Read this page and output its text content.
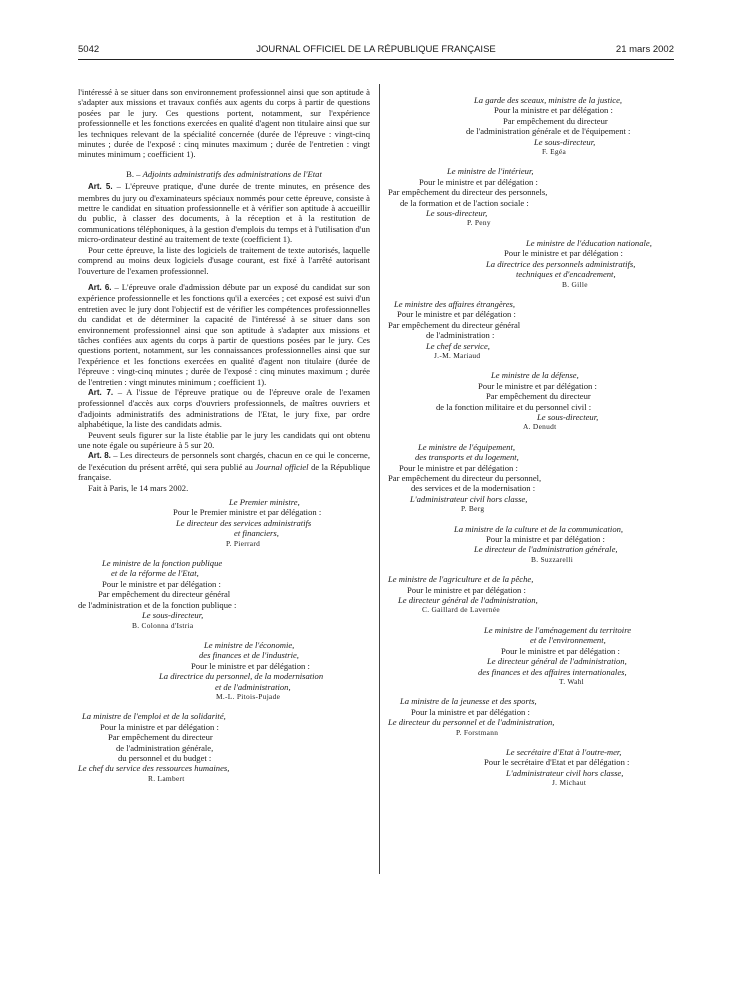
5042	JOURNAL OFFICIEL DE LA RÉPUBLIQUE FRANÇAISE	21 mars 2002

l'intéressé à se situer dans son environnement professionnel ainsi que son aptitude à s'adapter aux missions et travaux confiés aux agents du corps à partir de questions posées par le jury. Ces questions portent, notamment, sur l'expérience professionnelle et les fonctions exercées en qualité d'agent non titulaire ainsi que sur les techniques relevant de la spécialité concernée (durée de l'épreuve : vingt-cinq minutes ; durée de l'exposé : cinq minutes maximum ; durée de l'entretien : vingt minutes minimum ; coefficient 1).

B. – Adjoints administratifs des administrations de l'Etat

Art. 5. – L'épreuve pratique, d'une durée de trente minutes, en présence des membres du jury ou d'examinateurs spéciaux nommés pour cette épreuve, consiste à mettre le candidat en situation professionnelle et à vérifier son aptitude à accueillir du public, à classer des documents, à la réception et à la restitution de communications téléphoniques, à la gestion d'emplois du temps et à l'utilisation d'un micro-ordinateur destiné au traitement de texte (coefficient 1).

Pour cette épreuve, la liste des logiciels de traitement de texte autorisés, laquelle comprend au moins deux logiciels d'usage courant, est fixé à l'arrêté autorisant l'ouverture de l'examen professionnel.

Art. 6. – L'épreuve orale d'admission débute par un exposé du candidat sur son expérience professionnelle et les fonctions qu'il a exercées ; cet exposé est suivi d'un entretien avec le jury dont l'objectif est de vérifier les compétences professionnelles du candidat et de déterminer la capacité de l'intéressé à se situer dans son environnement professionnel ainsi que son aptitude à s'adapter aux missions et tâches confiées aux agents du corps à partir de questions posées par le jury. Ces questions portent, notamment, sur les connaissances professionnelles ainsi que sur l'expérience et les fonctions exercées en qualité d'agent non titulaire (durée de l'épreuve : vingt-cinq minutes ; durée de l'exposé : cinq minutes maximum ; durée de l'entretien : vingt minutes minimum ; coefficient 1).

Art. 7. – A l'issue de l'épreuve pratique ou de l'épreuve orale de l'examen professionnel d'accès aux corps d'ouvriers professionnels, de maîtres ouvriers et d'adjoints administratifs des administrations de l'Etat, le jury fixe, par ordre alphabétique, la liste des candidats admis.

Peuvent seuls figurer sur la liste établie par le jury les candidats qui ont obtenu une note égale ou supérieure à 5 sur 20.

Art. 8. – Les directeurs de personnels sont chargés, chacun en ce qui le concerne, de l'exécution du présent arrêté, qui sera publié au Journal officiel de la République française.

Fait à Paris, le 14 mars 2002.

Le Premier ministre,
Pour le Premier ministre et par délégation :
Le directeur des services administratifs
et financiers,
P. Pierrard
Le ministre de la fonction publique
et de la réforme de l'Etat,
Pour le ministre et par délégation :
Par empêchement du directeur général
de l'administration et de la fonction publique :
Le sous-directeur,
B. Colonna d'Istria
Le ministre de l'économie,
des finances et de l'industrie,
Pour le ministre et par délégation :
La directrice du personnel, de la modernisation
et de l'administration,
M.-L. Pitois-Pujade
La ministre de l'emploi et de la solidarité,
Pour la ministre et par délégation :
Par empêchement du directeur
de l'administration générale,
du personnel et du budget :
Le chef du service des ressources humaines,
R. Lambert
La garde des sceaux, ministre de la justice,
Pour la ministre et par délégation :
Par empêchement du directeur
de l'administration générale et de l'équipement :
Le sous-directeur,
F. Egéa
Le ministre de l'intérieur,
Pour le ministre et par délégation :
Par empêchement du directeur des personnels,
de la formation et de l'action sociale :
Le sous-directeur,
P. Peny
Le ministre de l'éducation nationale,
Pour le ministre et par délégation :
La directrice des personnels administratifs,
techniques et d'encadrement,
B. Gille
Le ministre des affaires étrangères,
Pour le ministre et par délégation :
Par empêchement du directeur général
de l'administration :
Le chef de service,
J.-M. Mariaud
Le ministre de la défense,
Pour le ministre et par délégation :
Par empêchement du directeur
de la fonction militaire et du personnel civil :
Le sous-directeur,
A. Denudt
Le ministre de l'équipement,
des transports et du logement,
Pour le ministre et par délégation :
Par empêchement du directeur du personnel,
des services et de la modernisation :
L'administrateur civil hors classe,
P. Berg
La ministre de la culture et de la communication,
Pour la ministre et par délégation :
Le directeur de l'administration générale,
B. Suzzarelli
Le ministre de l'agriculture et de la pêche,
Pour le ministre et par délégation :
Le directeur général de l'administration,
C. Gaillard de Lavernée
Le ministre de l'aménagement du territoire
et de l'environnement,
Pour le ministre et par délégation :
Le directeur général de l'administration,
des finances et des affaires internationales,
T. Wahl
La ministre de la jeunesse et des sports,
Pour la ministre et par délégation :
Le directeur du personnel et de l'administration,
P. Forstmann
Le secrétaire d'Etat à l'outre-mer,
Pour le secrétaire d'Etat et par délégation :
L'administrateur civil hors classe,
J. Michaut
